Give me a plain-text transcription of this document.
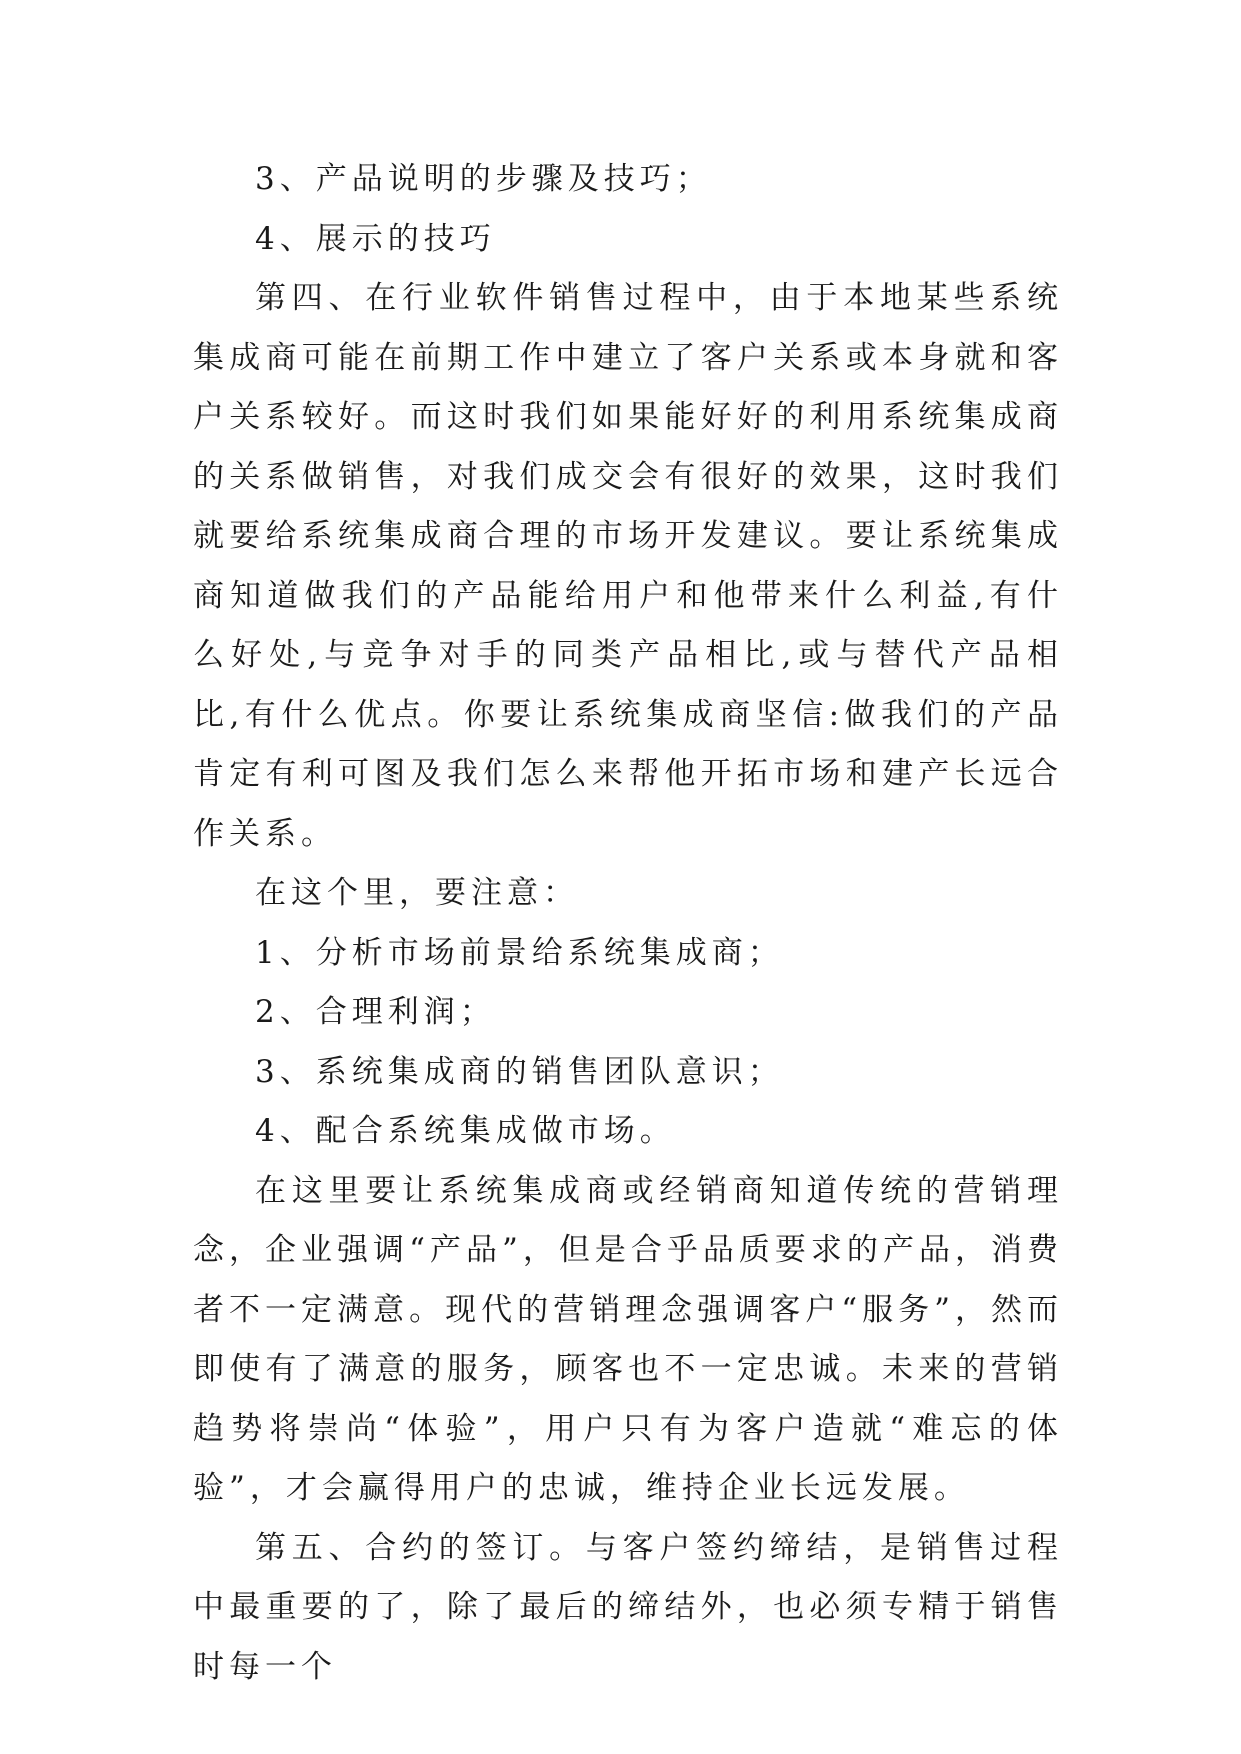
3、产品说明的步骤及技巧；

4、展示的技巧

第四、在行业软件销售过程中，由于本地某些系统集成商可能在前期工作中建立了客户关系或本身就和客户关系较好。而这时我们如果能好好的利用系统集成商的关系做销售，对我们成交会有很好的效果，这时我们就要给系统集成商合理的市场开发建议。要让系统集成商知道做我们的产品能给用户和他带来什么利益,有什么好处,与竞争对手的同类产品相比,或与替代产品相比,有什么优点。你要让系统集成商坚信:做我们的产品肯定有利可图及我们怎么来帮他开拓市场和建产长远合作关系。

在这个里，要注意：

1、分析市场前景给系统集成商；

2、合理利润；

3、系统集成商的销售团队意识；

4、配合系统集成做市场。

在这里要让系统集成商或经销商知道传统的营销理念，企业强调“产品”，但是合乎品质要求的产品，消费者不一定满意。现代的营销理念强调客户“服务”，然而即使有了满意的服务，顾客也不一定忠诚。未来的营销趋势将崇尚“体验”，用户只有为客户造就“难忘的体验”，才会赢得用户的忠诚，维持企业长远发展。

第五、合约的签订。与客户签约缔结，是销售过程中最重要的了，除了最后的缔结外，也必须专精于销售时每一个
